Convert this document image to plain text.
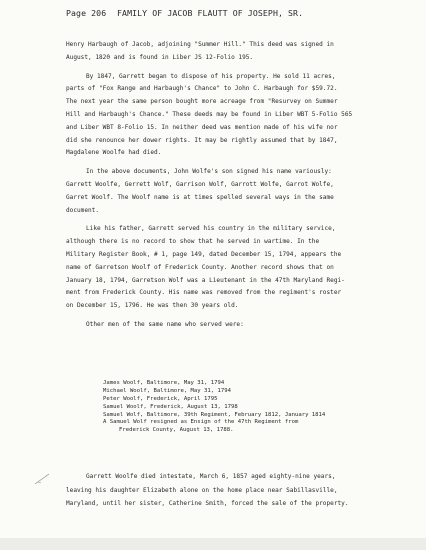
Page 206 FAMILY OF JACOB FLAUTT OF JOSEPH, SR.
Henry Harbaugh of Jacob, adjoining "Summer Hill." This deed was signed in
August, 1820 and is found in Liber JS 12-Folio 195.
By 1847, Garrett began to dispose of his property. He sold 11 acres,
parts of "Fox Range and Harbaugh's Chance" to John C. Harbaugh for $59.72.
The next year the same person bought more acreage from "Resurvey on Summer
Hill and Harbaugh's Chance." These deeds may be found in Liber WBT 5-Folio 565
and Liber WBT 8-Folio 15. In neither deed was mention made of his wife nor
did she renounce her dower rights. It may be rightly assumed that by 1847,
Magdalene Woolfe had died.
In the above documents, John Wolfe's son signed his name variously:
Garrett Woolfe, Gerrett Wolf, Garrison Wolf, Garrott Wolfe, Garrot Wolfe,
Garret Woolf. The Woolf name is at times spelled several ways in the same
document.
Like his father, Garrett served his country in the military service,
although there is no record to show that he served in wartime. In the
Military Register Book, # 1, page 149, dated December 15, 1794, appears the
name of Garretson Woolf of Frederick County. Another record shows that on
January 18, 1794, Garretson Wolf was a Lieutenant in the 47th Maryland Regi-
ment from Frederick County. His name was removed from the regiment's roster
on December 15, 1796. He was then 30 years old.
Other men of the same name who served were:
James Woolf, Baltimore, May 31, 1794
Michael Woolf, Baltimore, May 31, 1794
Peter Woolf, Frederick, April 1795
Samuel Woolf, Frederick, August 13, 1798
Samuel Wolf, Baltimore, 39th Regiment, February 1812, January 1814
A Samuel Wolf resigned as Ensign of the 47th Regiment from
Frederick County, August 13, 1788.
Garrett Woolfe died intestate, March 6, 1857 aged eighty-nine years,
leaving his daughter Elizabeth alone on the home place near Sabillasville,
Maryland, until her sister, Catherine Smith, forced the sale of the property.
